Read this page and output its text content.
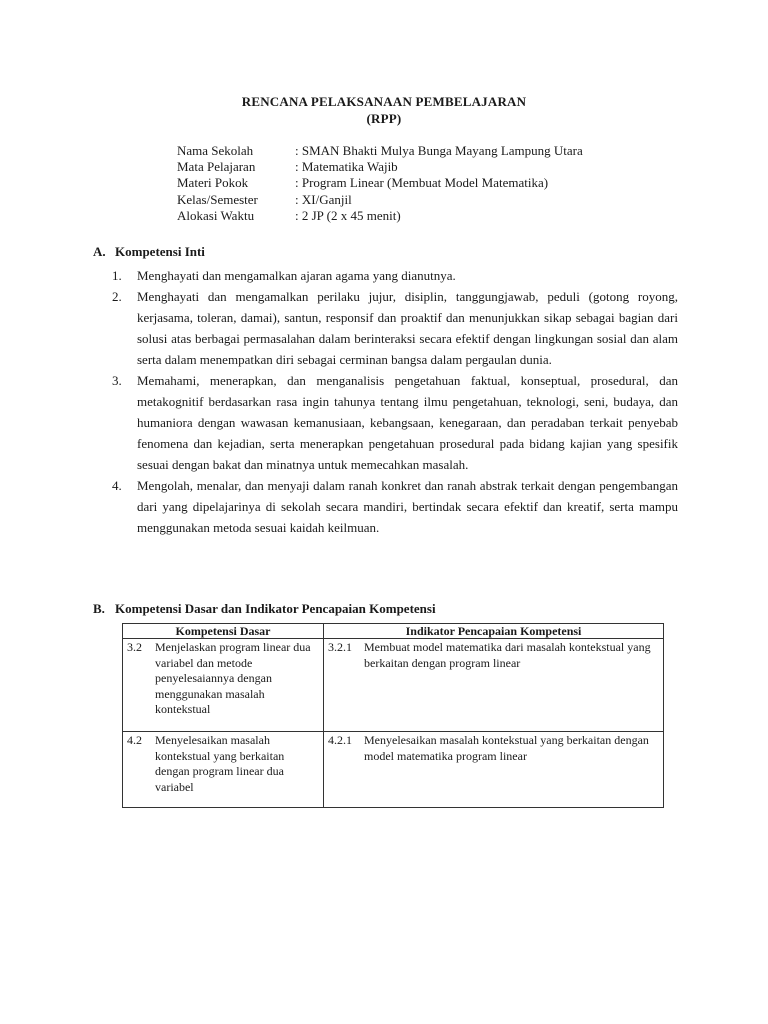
RENCANA PELAKSANAAN PEMBELAJARAN
(RPP)
Nama Sekolah	: SMAN Bhakti Mulya Bunga Mayang Lampung Utara
Mata Pelajaran	: Matematika Wajib
Materi Pokok	: Program Linear (Membuat Model Matematika)
Kelas/Semester	: XI/Ganjil
Alokasi Waktu	: 2 JP (2 x 45 menit)
A. Kompetensi Inti
1. Menghayati dan mengamalkan ajaran agama yang dianutnya.
2. Menghayati dan mengamalkan perilaku jujur, disiplin, tanggungjawab, peduli (gotong royong, kerjasama, toleran, damai), santun, responsif dan proaktif dan menunjukkan sikap sebagai bagian dari solusi atas berbagai permasalahan dalam berinteraksi secara efektif dengan lingkungan sosial dan alam serta dalam menempatkan diri sebagai cerminan bangsa dalam pergaulan dunia.
3. Memahami, menerapkan, dan menganalisis pengetahuan faktual, konseptual, prosedural, dan metakognitif berdasarkan rasa ingin tahunya tentang ilmu pengetahuan, teknologi, seni, budaya, dan humaniora dengan wawasan kemanusiaan, kebangsaan, kenegaraan, dan peradaban terkait penyebab fenomena dan kejadian, serta menerapkan pengetahuan prosedural pada bidang kajian yang spesifik sesuai dengan bakat dan minatnya untuk memecahkan masalah.
4. Mengolah, menalar, dan menyaji dalam ranah konkret dan ranah abstrak terkait dengan pengembangan dari yang dipelajarinya di sekolah secara mandiri, bertindak secara efektif dan kreatif, serta mampu menggunakan metoda sesuai kaidah keilmuan.
B. Kompetensi Dasar dan Indikator Pencapaian Kompetensi
Kompetensi Dasar	Indikator Pencapaian Kompetensi

3.2 Menjelaskan program linear dua variabel dan metode penyelesaiannya dengan menggunakan masalah kontekstual	3.2.1 Membuat model matematika dari masalah kontekstual yang berkaitan dengan program linear

4.2 Menyelesaikan masalah kontekstual yang berkaitan dengan program linear dua variabel	4.2.1 Menyelesaikan masalah kontekstual yang berkaitan dengan model matematika program linear
